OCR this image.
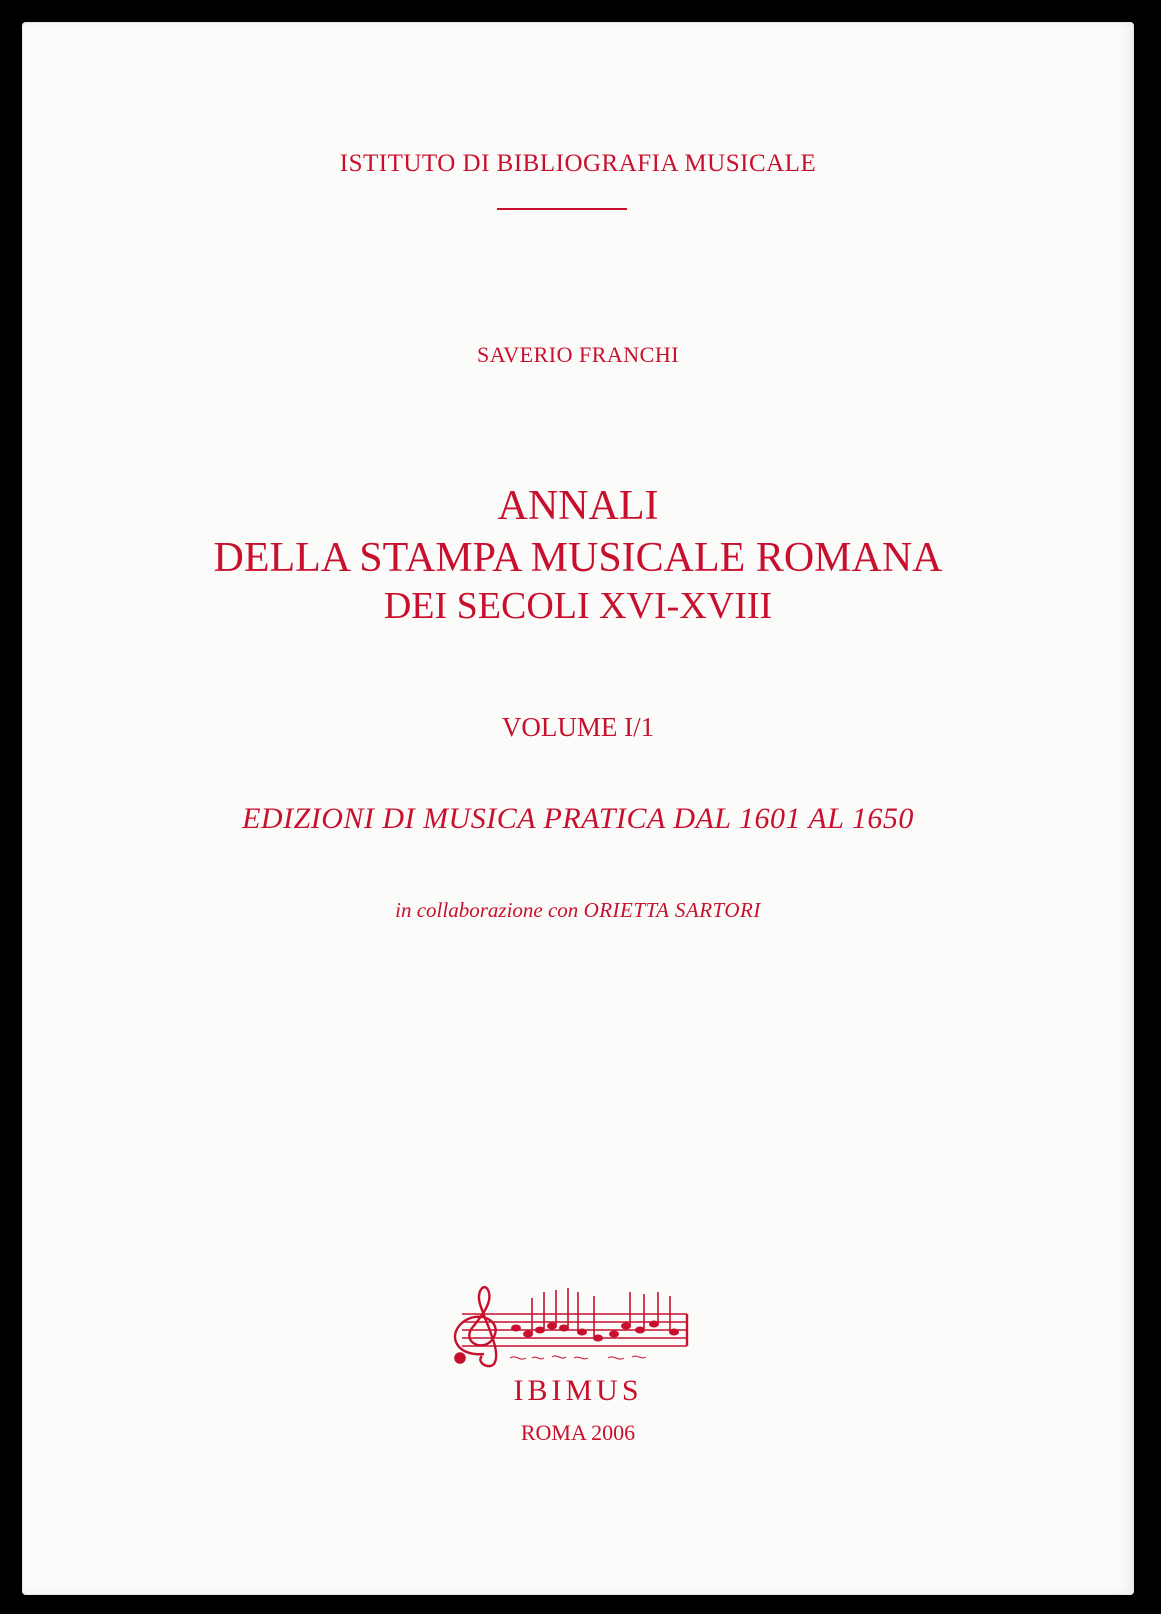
ISTITUTO DI BIBLIOGRAFIA MUSICALE

SAVERIO FRANCHI

ANNALI

DELLA STAMPA MUSICALE ROMANA

DEI SECOLI XVI-XVIII

VOLUME I/1

EDIZIONI DI MUSICA PRATICA DAL 1601 AL 1650

in collaborazione con ORIETTA SARTORI

IBIMUS

ROMA 2006
